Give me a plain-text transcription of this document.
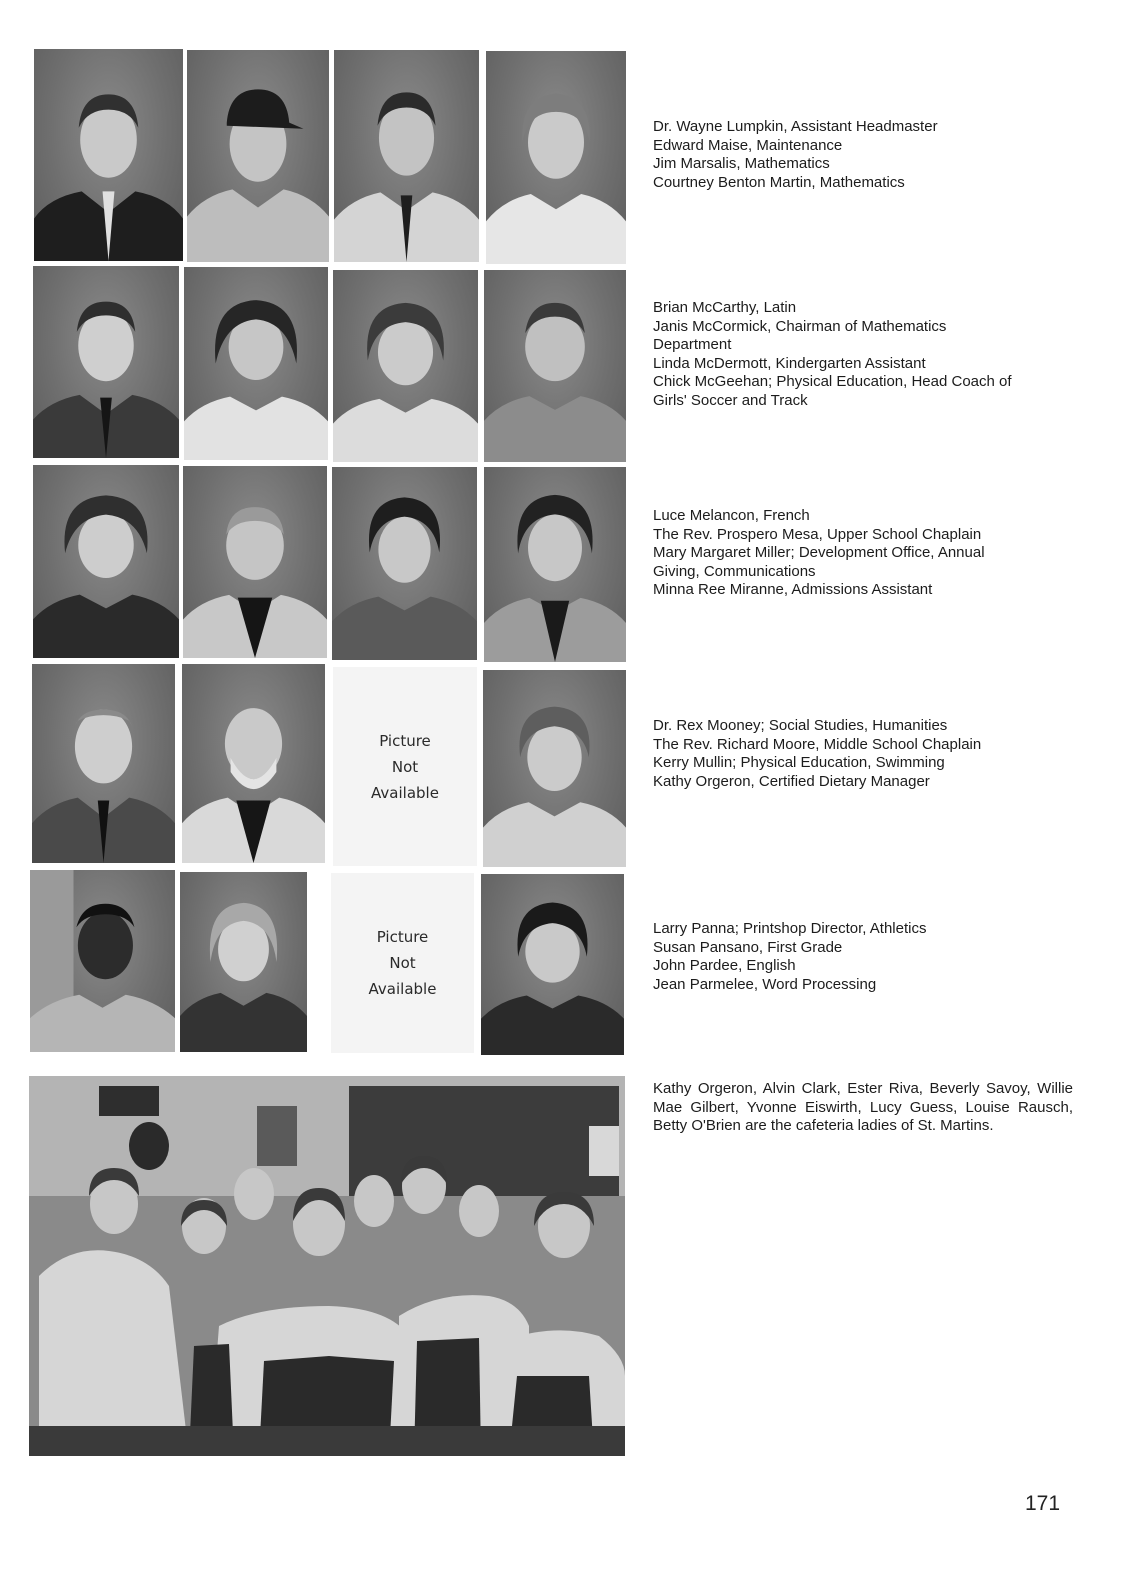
Dr. Wayne Lumpkin, Assistant Headmaster
Edward Maise, Maintenance
Jim Marsalis, Mathematics
Courtney Benton Martin, Mathematics
Brian McCarthy, Latin
Janis McCormick, Chairman of Mathematics
Department
Linda McDermott, Kindergarten Assistant
Chick McGeehan; Physical Education, Head Coach of
Girls' Soccer and Track
Luce Melancon, French
The Rev. Prospero Mesa, Upper School Chaplain
Mary Margaret Miller; Development Office, Annual
Giving, Communications
Minna Ree Miranne, Admissions Assistant
Picture
Not
Available
Dr. Rex Mooney; Social Studies, Humanities
The Rev. Richard Moore, Middle School Chaplain
Kerry Mullin; Physical Education, Swimming
Kathy Orgeron, Certified Dietary Manager
Picture
Not
Available
Larry Panna; Printshop Director, Athletics
Susan Pansano, First Grade
John Pardee, English
Jean Parmelee, Word Processing
Kathy Orgeron, Alvin Clark, Ester Riva, Beverly Savoy, Willie Mae Gilbert, Yvonne Eiswirth, Lucy Guess, Louise Rausch, Betty O'Brien are the cafeteria ladies of St. Martins.
171
